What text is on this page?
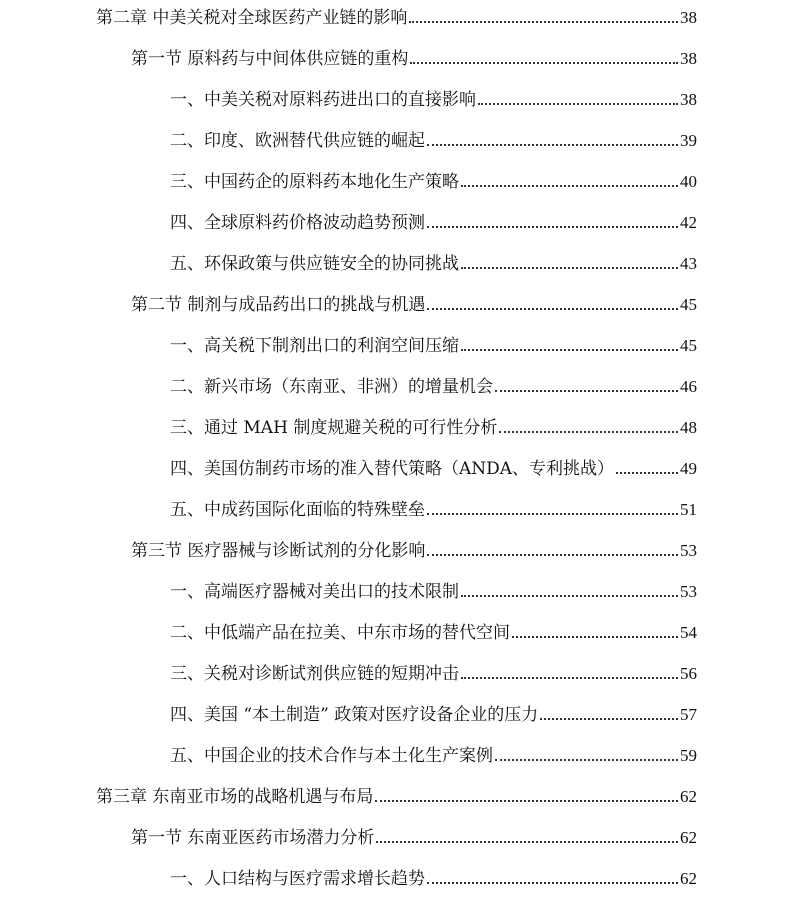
第二章 中美关税对全球医药产业链的影响	38
第一节 原料药与中间体供应链的重构	38
一、中美关税对原料药进出口的直接影响	38
二、印度、欧洲替代供应链的崛起	39
三、中国药企的原料药本地化生产策略	40
四、全球原料药价格波动趋势预测	42
五、环保政策与供应链安全的协同挑战	43
第二节 制剂与成品药出口的挑战与机遇	45
一、高关税下制剂出口的利润空间压缩	45
二、新兴市场（东南亚、非洲）的增量机会	46
三、通过 MAH 制度规避关税的可行性分析	48
四、美国仿制药市场的准入替代策略（ANDA、专利挑战）	49
五、中成药国际化面临的特殊壁垒	51
第三节 医疗器械与诊断试剂的分化影响	53
一、高端医疗器械对美出口的技术限制	53
二、中低端产品在拉美、中东市场的替代空间	54
三、关税对诊断试剂供应链的短期冲击	56
四、美国 “本土制造” 政策对医疗设备企业的压力	57
五、中国企业的技术合作与本土化生产案例	59
第三章 东南亚市场的战略机遇与布局	62
第一节 东南亚医药市场潜力分析	62
一、人口结构与医疗需求增长趋势	62
